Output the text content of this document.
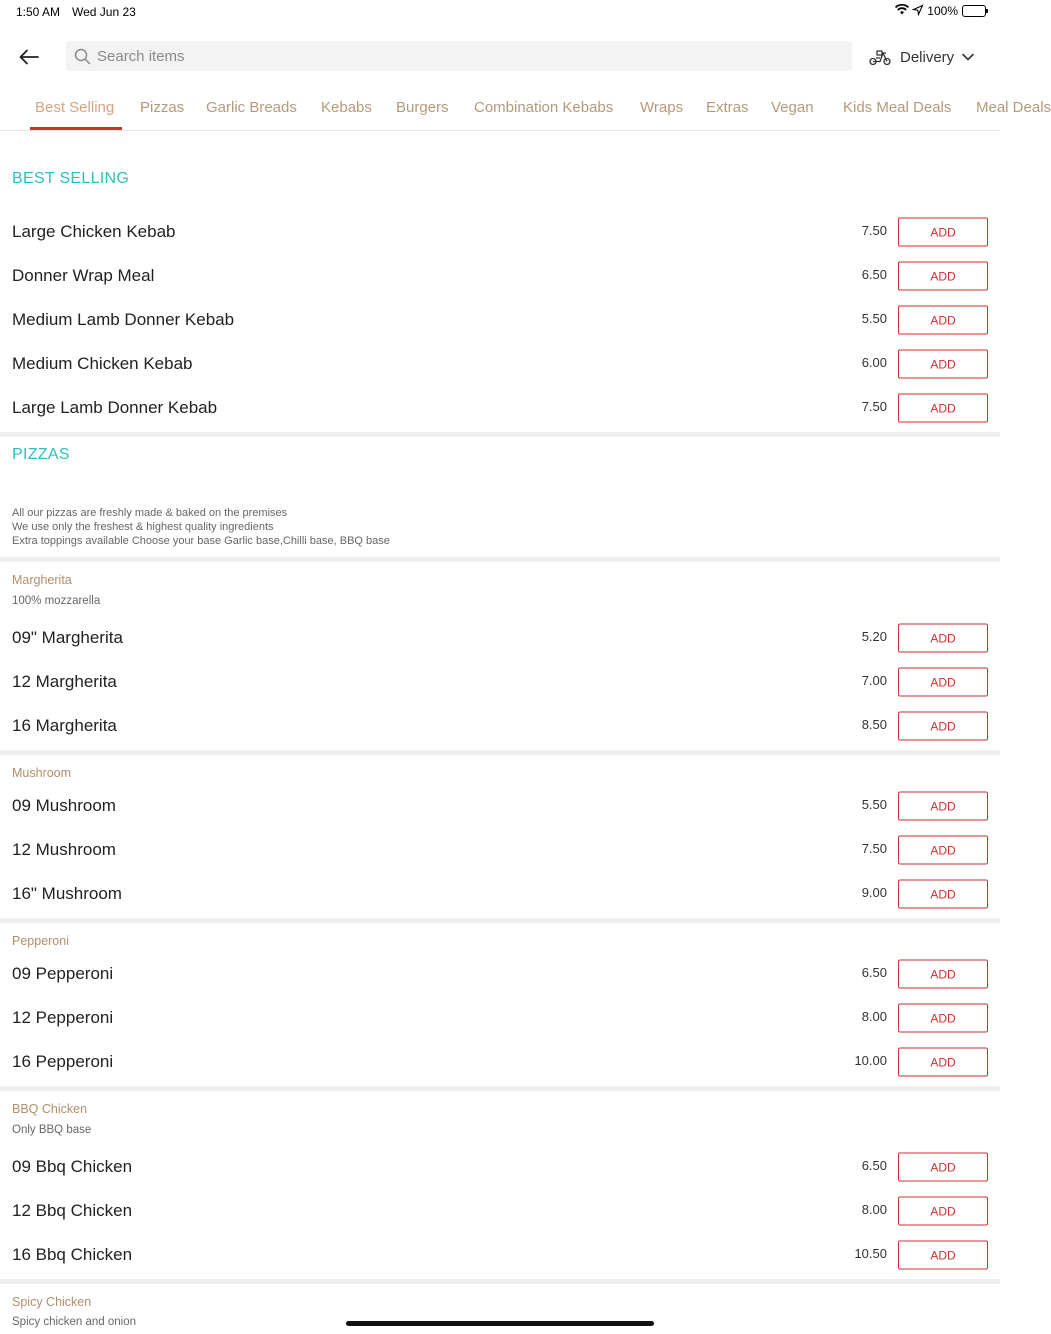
1:50 AM Wed Jun 23	100%
Search items
Delivery
Best Selling Pizzas Garlic Breads Kebabs Burgers Combination Kebabs Wraps Extras Vegan Kids Meal Deals Meal Deals
BEST SELLING
Large Chicken Kebab	7.50	ADD
Donner Wrap Meal	6.50	ADD
Medium Lamb Donner Kebab	5.50	ADD
Medium Chicken Kebab	6.00	ADD
Large Lamb Donner Kebab	7.50	ADD
PIZZAS
All our pizzas are freshly made & baked on the premises
We use only the freshest & highest quality ingredients
Extra toppings available Choose your base Garlic base,Chilli base, BBQ base
Margherita
100% mozzarella
09" Margherita	5.20	ADD
12 Margherita	7.00	ADD
16 Margherita	8.50	ADD
Mushroom
09 Mushroom	5.50	ADD
12 Mushroom	7.50	ADD
16" Mushroom	9.00	ADD
Pepperoni
09 Pepperoni	6.50	ADD
12 Pepperoni	8.00	ADD
16 Pepperoni	10.00	ADD
BBQ Chicken
Only BBQ base
09 Bbq Chicken	6.50	ADD
12 Bbq Chicken	8.00	ADD
16 Bbq Chicken	10.50	ADD
Spicy Chicken
Spicy chicken and onion
